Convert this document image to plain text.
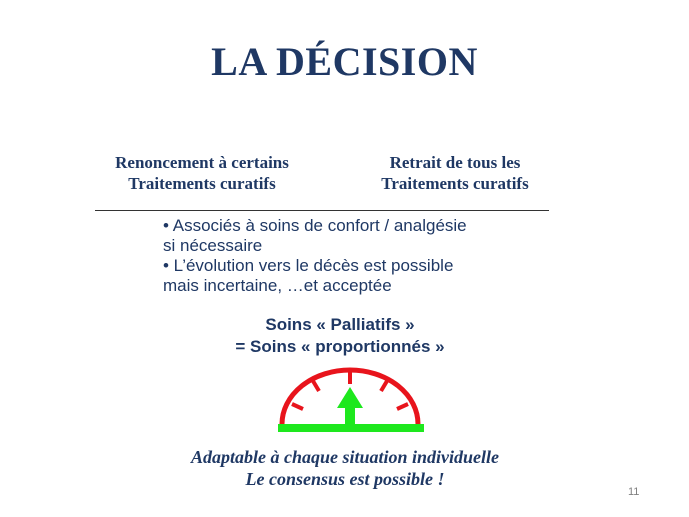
LA DÉCISION
Renoncement à certains
Traitements curatifs
Retrait de tous les
Traitements curatifs
• Associés à soins de confort / analgésie
si nécessaire
• L’évolution vers le décès est possible
mais incertaine, …et acceptée
Soins « Palliatifs »
= Soins « proportionnés »
Adaptable à chaque situation individuelle
Le consensus est possible !
11
